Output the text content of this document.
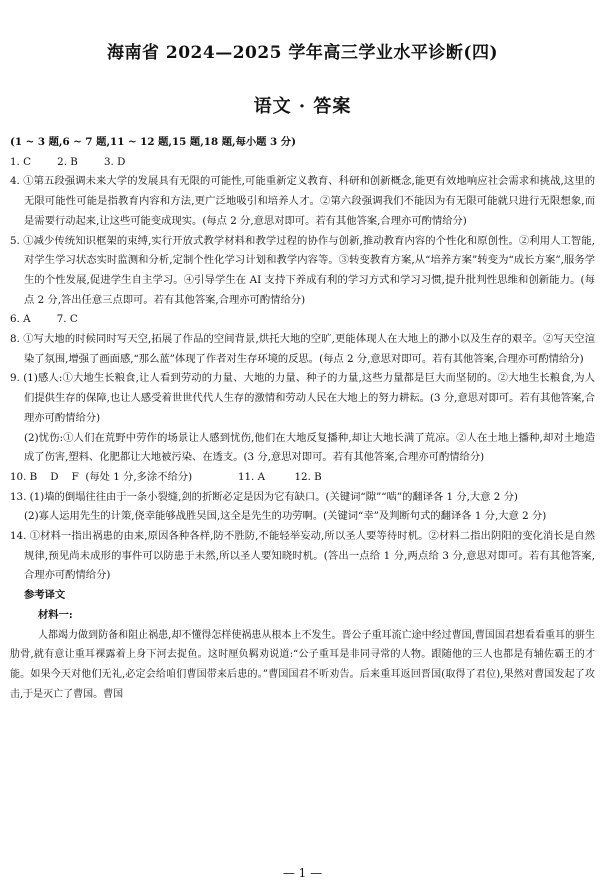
海南省 2024—2025 学年高三学业水平诊断(四)
语文 · 答案

(1 ~ 3 题,6 ~ 7 题,11 ~ 12 题,15 题,18 题,每小题 3 分)

1. C        2. B        3. D

4. ①第五段强调未来大学的发展具有无限的可能性,可能重新定义教育、科研和创新概念,能更有效地响应社会需求和挑战,这里的无限可能性可能是指教育内容和方法,更广泛地吸引和培养人才。②第六段强调我们不能因为有无限可能就只进行无限想象,而是需要行动起来,让这些可能变成现实。(每点 2 分,意思对即可。若有其他答案,合理亦可酌情给分)

5. ①减少传统知识框架的束缚,实行开放式教学材料和教学过程的协作与创新,推动教育内容的个性化和原创性。②利用人工智能,对学生学习状态实时监测和分析,定制个性化学习计划和教学内容等。③转变教育方案,从“培养方案”转变为“成长方案”,服务学生的个性发展,促进学生自主学习。④引导学生在 AI 支持下养成有利的学习方式和学习习惯,提升批判性思维和创新能力。(每点 2 分,答出任意三点即可。若有其他答案,合理亦可酌情给分)

6. A        7. C

8. ①写大地的时候同时写天空,拓展了作品的空间背景,烘托大地的空旷,更能体现人在大地上的渺小以及生存的艰辛。②写天空渲染了氛围,增强了画面感,“那么蓝”体现了作者对生存环境的反思。(每点 2 分,意思对即可。若有其他答案,合理亦可酌情给分)

9. (1)感人:①大地生长粮食,让人看到劳动的力量、大地的力量、种子的力量,这些力量都是巨大而坚韧的。②大地生长粮食,为人们提供生存的保障,也让人感受着世世代代人生存的激情和劳动人民在大地上的努力耕耘。(3 分,意思对即可。若有其他答案,合理亦可酌情给分)

(2)忧伤:①人们在荒野中劳作的场景让人感到忧伤,他们在大地反复播种,却让大地长满了荒凉。②人在土地上播种,却对土地造成了伤害,塑料、化肥都让大地被污染、在透支。(3 分,意思对即可。若有其他答案,合理亦可酌情给分)

10. B    D    F  (每处 1 分,多涂不给分)              11. A         12. B

13. (1)墙的倒塌往往由于一条小裂缝,剑的折断必定是因为它有缺口。(关键词“隙”“啮”的翻译各 1 分,大意 2 分)

(2)寡人运用先生的计策,侥幸能够战胜吴国,这全是先生的功劳啊。(关键词“幸”及判断句式的翻译各 1 分,大意 2 分)

14. ①材料一指出祸患的由来,原因各种各样,防不胜防,不能轻举妄动,所以圣人要等待时机。②材料二指出阴阳的变化消长是自然规律,预见尚未成形的事件可以防患于未然,所以圣人要知晓时机。(答出一点给 1 分,两点给 3 分,意思对即可。若有其他答案,合理亦可酌情给分)

参考译文

材料一:

人都竭力做到防备和阻止祸患,却不懂得怎样使祸患从根本上不发生。晋公子重耳流亡途中经过曹国,曹国国君想看看重耳的骈生肋骨,就有意让重耳裸露着上身下河去捉鱼。这时厘负羁劝说道:“公子重耳是非同寻常的人物。跟随他的三人也都是有辅佐霸王的才能。如果今天对他们无礼,必定会给咱们曹国带来后患的。”曹国国君不听劝告。后来重耳返回晋国(取得了君位),果然对曹国发起了攻击,于是灭亡了曹国。曹国

— 1 —
